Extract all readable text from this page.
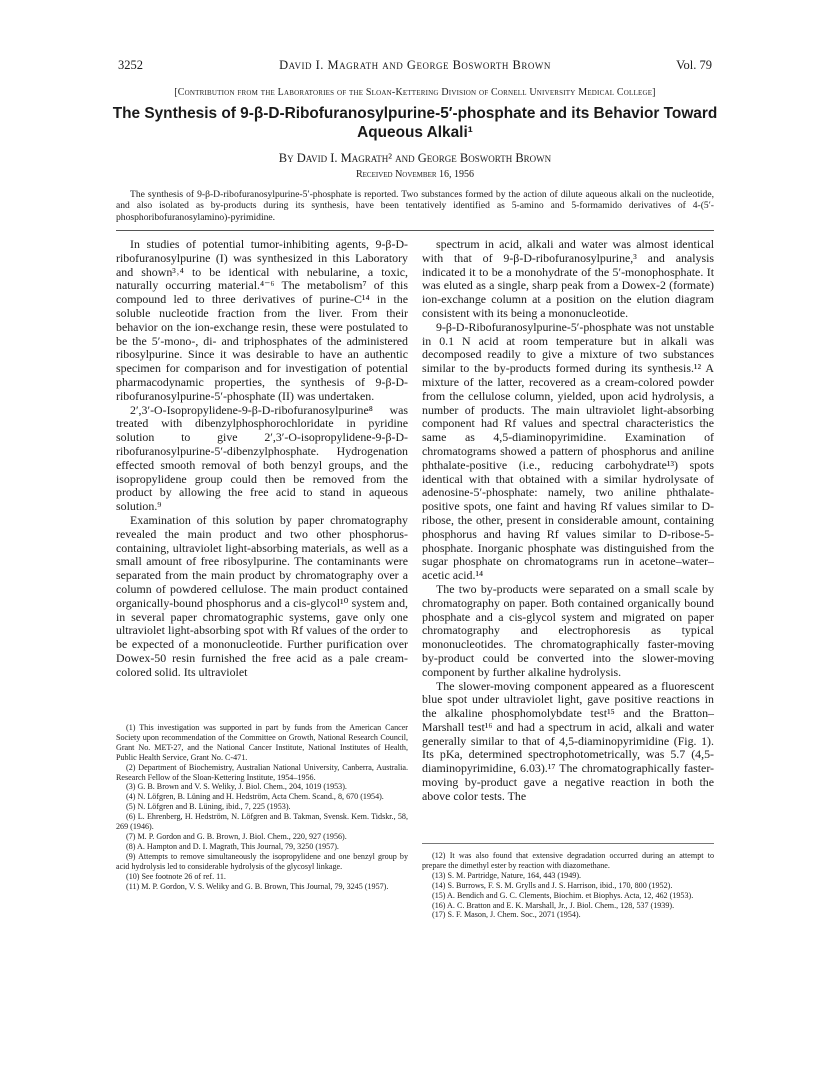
3252	David I. Magrath and George Bosworth Brown	Vol. 79
[Contribution from the Laboratories of the Sloan-Kettering Division of Cornell University Medical College]
The Synthesis of 9-β-D-Ribofuranosylpurine-5′-phosphate and its Behavior Toward Aqueous Alkali¹
By David I. Magrath² and George Bosworth Brown
Received November 16, 1956
The synthesis of 9-β-D-ribofuranosylpurine-5′-phosphate is reported. Two substances formed by the action of dilute aqueous alkali on the nucleotide, and also isolated as by-products during its synthesis, have been tentatively identified as 5-amino and 5-formamido derivatives of 4-(5′-phosphoribofuranosylamino)-pyrimidine.

In studies of potential tumor-inhibiting agents, 9-β-D-ribofuranosylpurine (I) was synthesized in this Laboratory and shown³˒⁴ to be identical with nebularine, a toxic, naturally occurring material.⁴⁻⁶ The metabolism⁷ of this compound led to three derivatives of purine-C¹⁴ in the soluble nucleotide fraction from the liver. From their behavior on the ion-exchange resin, these were postulated to be the 5′-mono-, di- and triphosphates of the administered ribosylpurine. Since it was desirable to have an authentic specimen for comparison and for investigation of potential pharmacodynamic properties, the synthesis of 9-β-D-ribofuranosylpurine-5′-phosphate (II) was undertaken.

2′,3′-O-Isopropylidene-9-β-D-ribofuranosylpurine⁸ was treated with dibenzylphosphorochloridate in pyridine solution to give 2′,3′-O-isopropylidene-9-β-D-ribofuranosylpurine-5′-dibenzylphosphate. Hydrogenation effected smooth removal of both benzyl groups, and the isopropylidene group could then be removed from the product by allowing the free acid to stand in aqueous solution.⁹

Examination of this solution by paper chromatography revealed the main product and two other phosphorus-containing, ultraviolet light-absorbing materials, as well as a small amount of free ribosylpurine. The contaminants were separated from the main product by chromatography over a column of powdered cellulose. The main product contained organically-bound phosphorus and a cis-glycol¹⁰ system and, in several paper chromatographic systems, gave only one ultraviolet light-absorbing spot with Rf values of the order to be expected of a mononucleotide. Further purification over Dowex-50 resin furnished the free acid as a pale cream-colored solid. Its ultraviolet

spectrum in acid, alkali and water was almost identical with that of 9-β-D-ribofuranosylpurine,³ and analysis indicated it to be a monohydrate of the 5′-monophosphate. It was eluted as a single, sharp peak from a Dowex-2 (formate) ion-exchange column at a position on the elution diagram consistent with its being a mononucleotide.

9-β-D-Ribofuranosylpurine-5′-phosphate was not unstable in 0.1 N acid at room temperature but in alkali was decomposed readily to give a mixture of two substances similar to the by-products formed during its synthesis.¹² A mixture of the latter, recovered as a cream-colored powder from the cellulose column, yielded, upon acid hydrolysis, a number of products. The main ultraviolet light-absorbing component had Rf values and spectral characteristics the same as 4,5-diaminopyrimidine. Examination of chromatograms showed a pattern of phosphorus and aniline phthalate-positive (i.e., reducing carbohydrate¹³) spots identical with that obtained with a similar hydrolysate of adenosine-5′-phosphate: namely, two aniline phthalate-positive spots, one faint and having Rf values similar to D-ribose, the other, present in considerable amount, containing phosphorus and having Rf values similar to D-ribose-5-phosphate. Inorganic phosphate was distinguished from the sugar phosphate on chromatograms run in acetone–water–acetic acid.¹⁴

The two by-products were separated on a small scale by chromatography on paper. Both contained organically bound phosphate and a cis-glycol system and migrated on paper chromatography and electrophoresis as typical mononucleotides. The chromatographically faster-moving by-product could be converted into the slower-moving component by further alkaline hydrolysis.

The slower-moving component appeared as a fluorescent blue spot under ultraviolet light, gave positive reactions in the alkaline phosphomolybdate test¹⁵ and the Bratton–Marshall test¹⁶ and had a spectrum in acid, alkali and water generally similar to that of 4,5-diaminopyrimidine (Fig. 1). Its pKa, determined spectrophotometrically, was 5.7 (4,5-diaminopyrimidine, 6.03).¹⁷ The chromatographically faster-moving by-product gave a negative reaction in both the above color tests. The

(1) This investigation was supported in part by funds from the American Cancer Society upon recommendation of the Committee on Growth, National Research Council, Grant No. MET-27, and the National Cancer Institute, National Institutes of Health, Public Health Service, Grant No. C-471.

(2) Department of Biochemistry, Australian National University, Canberra, Australia. Research Fellow of the Sloan-Kettering Institute, 1954–1956.

(3) G. B. Brown and V. S. Weliky, J. Biol. Chem., 204, 1019 (1953).

(4) N. Löfgren, B. Lüning and H. Hedström, Acta Chem. Scand., 8, 670 (1954).

(5) N. Löfgren and B. Lüning, ibid., 7, 225 (1953).

(6) L. Ehrenberg, H. Hedström, N. Löfgren and B. Takman, Svensk. Kem. Tidskr., 58, 269 (1946).

(7) M. P. Gordon and G. B. Brown, J. Biol. Chem., 220, 927 (1956).

(8) A. Hampton and D. I. Magrath, This Journal, 79, 3250 (1957).

(9) Attempts to remove simultaneously the isopropylidene and one benzyl group by acid hydrolysis led to considerable hydrolysis of the glycosyl linkage.

(10) See footnote 26 of ref. 11.

(11) M. P. Gordon, V. S. Weliky and G. B. Brown, This Journal, 79, 3245 (1957).

(12) It was also found that extensive degradation occurred during an attempt to prepare the dimethyl ester by reaction with diazomethane.

(13) S. M. Partridge, Nature, 164, 443 (1949).

(14) S. Burrows, F. S. M. Grylls and J. S. Harrison, ibid., 170, 800 (1952).

(15) A. Bendich and G. C. Clements, Biochim. et Biophys. Acta, 12, 462 (1953).

(16) A. C. Bratton and E. K. Marshall, Jr., J. Biol. Chem., 128, 537 (1939).

(17) S. F. Mason, J. Chem. Soc., 2071 (1954).
